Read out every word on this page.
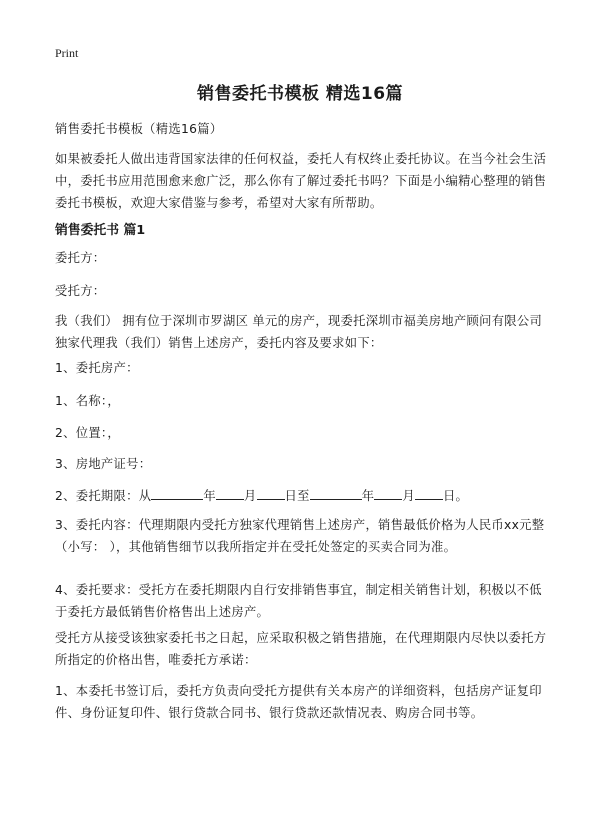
Print
销售委托书模板 精选16篇
销售委托书模板（精选16篇）
如果被委托人做出违背国家法律的任何权益，委托人有权终止委托协议。在当今社会生活中，委托书应用范围愈来愈广泛，那么你有了解过委托书吗？下面是小编精心整理的销售委托书模板，欢迎大家借鉴与参考，希望对大家有所帮助。
销售委托书 篇1
委托方：
受托方：
我（我们） 拥有位于深圳市罗湖区 单元的房产，现委托深圳市福美房地产顾问有限公司独家代理我（我们）销售上述房产，委托内容及要求如下：
1、委托房产：
1、名称：，
2、位置：，
3、房地产证号：
2、委托期限：从	年 月 日至	年 月 日。
3、委托内容：代理期限内受托方独家代理销售上述房产，销售最低价格为人民币xx元整（小写： ），其他销售细节以我所指定并在受托处签定的买卖合同为准。
4、委托要求：受托方在委托期限内自行安排销售事宜，制定相关销售计划，积极以不低于委托方最低销售价格售出上述房产。
受托方从接受该独家委托书之日起，应采取积极之销售措施，在代理期限内尽快以委托方所指定的价格出售，唯委托方承诺：
1、本委托书签订后，委托方负责向受托方提供有关本房产的详细资料，包括房产证复印件、身份证复印件、银行贷款合同书、银行贷款还款情况表、购房合同书等。
